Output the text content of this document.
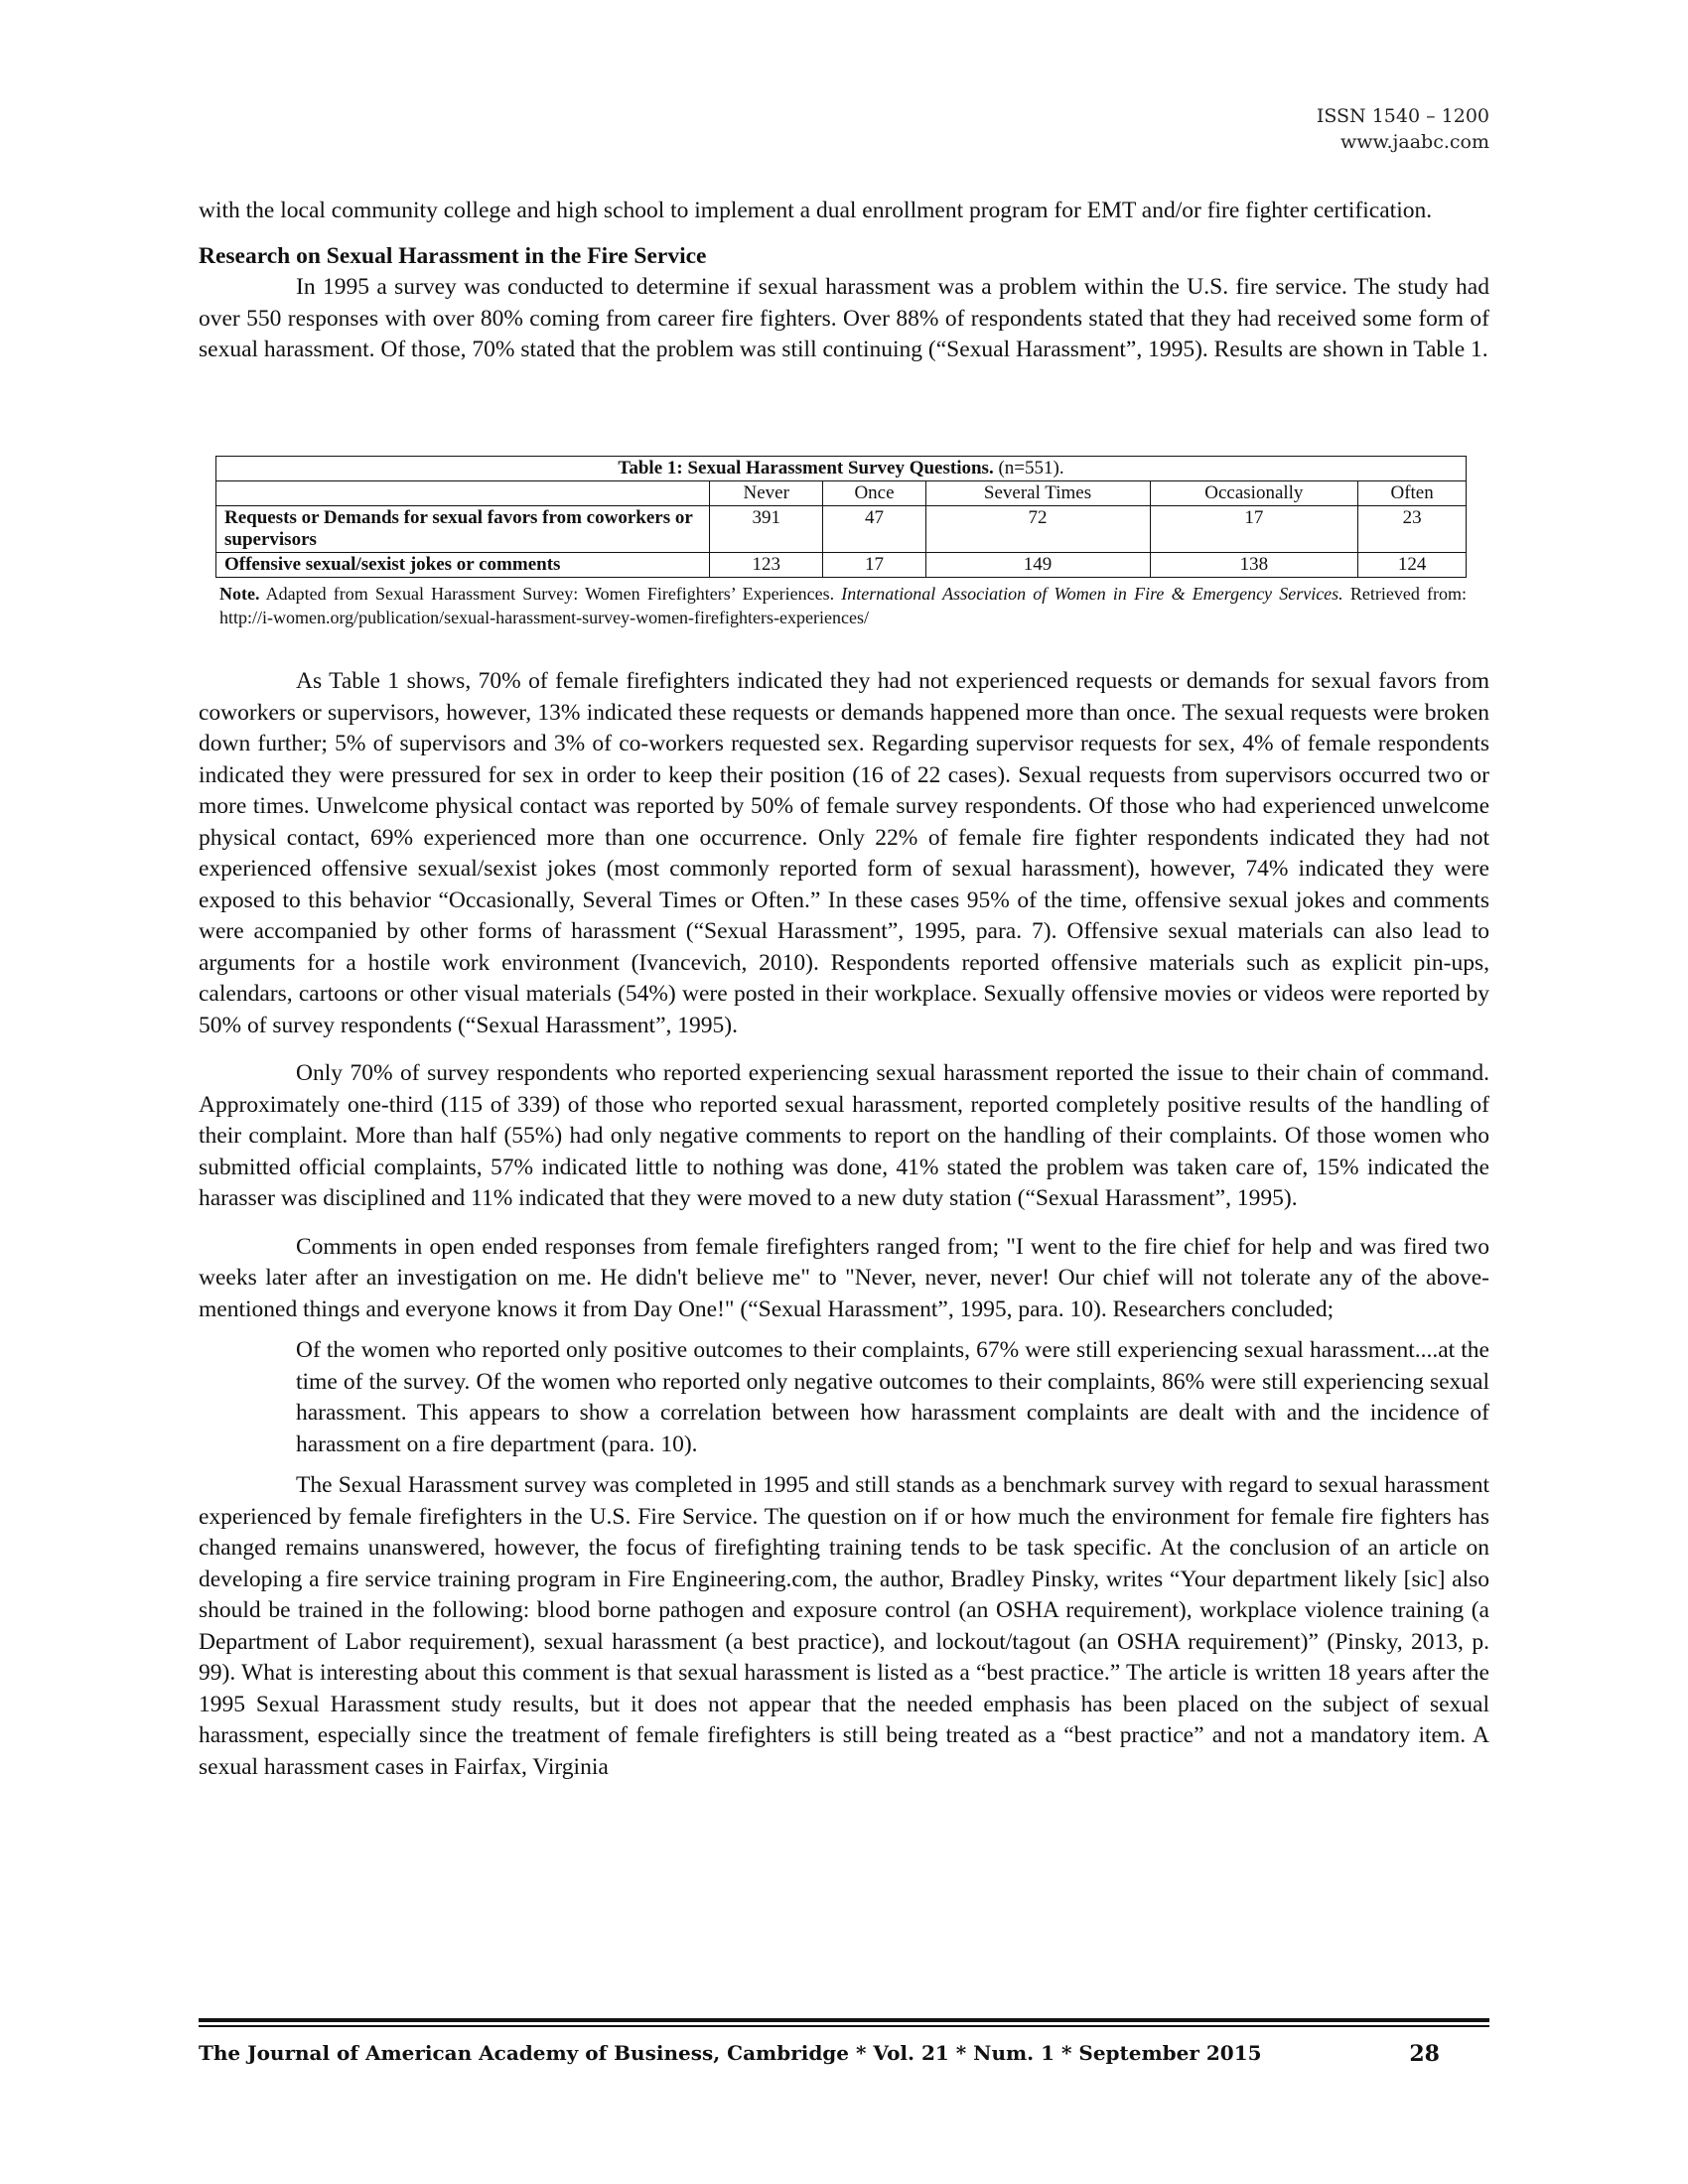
ISSN 1540 – 1200
www.jaabc.com

with the local community college and high school to implement a dual enrollment program for EMT and/or fire fighter certification.

Research on Sexual Harassment in the Fire Service

In 1995 a survey was conducted to determine if sexual harassment was a problem within the U.S. fire service. The study had over 550 responses with over 80% coming from career fire fighters. Over 88% of respondents stated that they had received some form of sexual harassment. Of those, 70% stated that the problem was still continuing (“Sexual Harassment”, 1995). Results are shown in Table 1.

Table 1: Sexual Harassment Survey Questions. (n=551).					
	Never	Once	Several Times	Occasionally	Often
Requests or Demands for sexual favors from coworkers or supervisors	391	47	72	17	23
Offensive sexual/sexist jokes or comments	123	17	149	138	124
Note. Adapted from Sexual Harassment Survey: Women Firefighters’ Experiences. International Association of Women in Fire & Emergency Services. Retrieved from: http://i-women.org/publication/sexual-harassment-survey-women-firefighters-experiences/

As Table 1 shows, 70% of female firefighters indicated they had not experienced requests or demands for sexual favors from coworkers or supervisors, however, 13% indicated these requests or demands happened more than once. The sexual requests were broken down further; 5% of supervisors and 3% of co-workers requested sex. Regarding supervisor requests for sex, 4% of female respondents indicated they were pressured for sex in order to keep their position (16 of 22 cases). Sexual requests from supervisors occurred two or more times. Unwelcome physical contact was reported by 50% of female survey respondents. Of those who had experienced unwelcome physical contact, 69% experienced more than one occurrence. Only 22% of female fire fighter respondents indicated they had not experienced offensive sexual/sexist jokes (most commonly reported form of sexual harassment), however, 74% indicated they were exposed to this behavior “Occasionally, Several Times or Often.” In these cases 95% of the time, offensive sexual jokes and comments were accompanied by other forms of harassment (“Sexual Harassment”, 1995, para. 7). Offensive sexual materials can also lead to arguments for a hostile work environment (Ivancevich, 2010). Respondents reported offensive materials such as explicit pin-ups, calendars, cartoons or other visual materials (54%) were posted in their workplace. Sexually offensive movies or videos were reported by 50% of survey respondents (“Sexual Harassment”, 1995).

Only 70% of survey respondents who reported experiencing sexual harassment reported the issue to their chain of command. Approximately one-third (115 of 339) of those who reported sexual harassment, reported completely positive results of the handling of their complaint. More than half (55%) had only negative comments to report on the handling of their complaints. Of those women who submitted official complaints, 57% indicated little to nothing was done, 41% stated the problem was taken care of, 15% indicated the harasser was disciplined and 11% indicated that they were moved to a new duty station (“Sexual Harassment”, 1995).

Comments in open ended responses from female firefighters ranged from; "I went to the fire chief for help and was fired two weeks later after an investigation on me. He didn't believe me" to "Never, never, never! Our chief will not tolerate any of the above-mentioned things and everyone knows it from Day One!" (“Sexual Harassment”, 1995, para. 10). Researchers concluded;

Of the women who reported only positive outcomes to their complaints, 67% were still experiencing sexual harassment....at the time of the survey. Of the women who reported only negative outcomes to their complaints, 86% were still experiencing sexual harassment. This appears to show a correlation between how harassment complaints are dealt with and the incidence of harassment on a fire department (para. 10).

The Sexual Harassment survey was completed in 1995 and still stands as a benchmark survey with regard to sexual harassment experienced by female firefighters in the U.S. Fire Service. The question on if or how much the environment for female fire fighters has changed remains unanswered, however, the focus of firefighting training tends to be task specific. At the conclusion of an article on developing a fire service training program in Fire Engineering.com, the author, Bradley Pinsky, writes “Your department likely [sic] also should be trained in the following: blood borne pathogen and exposure control (an OSHA requirement), workplace violence training (a Department of Labor requirement), sexual harassment (a best practice), and lockout/tagout (an OSHA requirement)” (Pinsky, 2013, p. 99). What is interesting about this comment is that sexual harassment is listed as a “best practice.” The article is written 18 years after the 1995 Sexual Harassment study results, but it does not appear that the needed emphasis has been placed on the subject of sexual harassment, especially since the treatment of female firefighters is still being treated as a “best practice” and not a mandatory item. A sexual harassment cases in Fairfax, Virginia

The Journal of American Academy of Business, Cambridge * Vol. 21 * Num. 1 * September 2015	28
